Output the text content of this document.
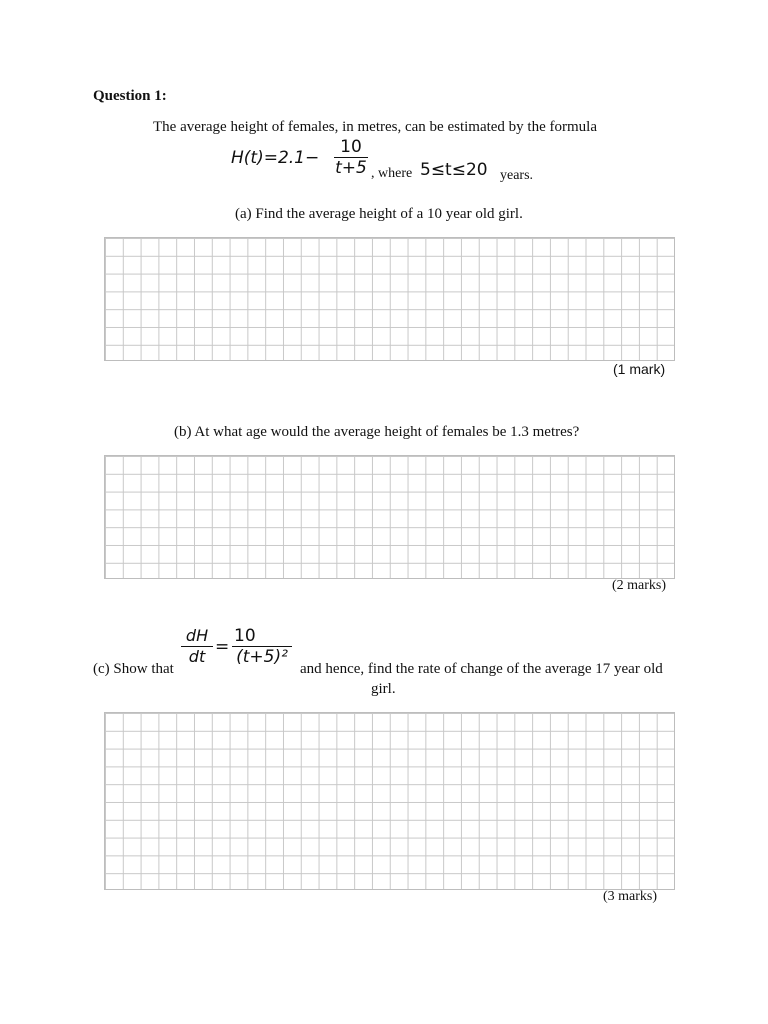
Question 1:
The average height of females, in metres, can be estimated by the formula
H(t)=2.1−
10
t+5 , where 5≤t≤20 years.
(a) Find the average height of a 10 year old girl.
(1 mark)
(b) At what age would the average height of females be 1.3 metres?
(2 marks)
(c) Show that
dH
dt =
10
(t+5)²
and hence, find the rate of change of the average 17 year old
girl.
(3 marks)
